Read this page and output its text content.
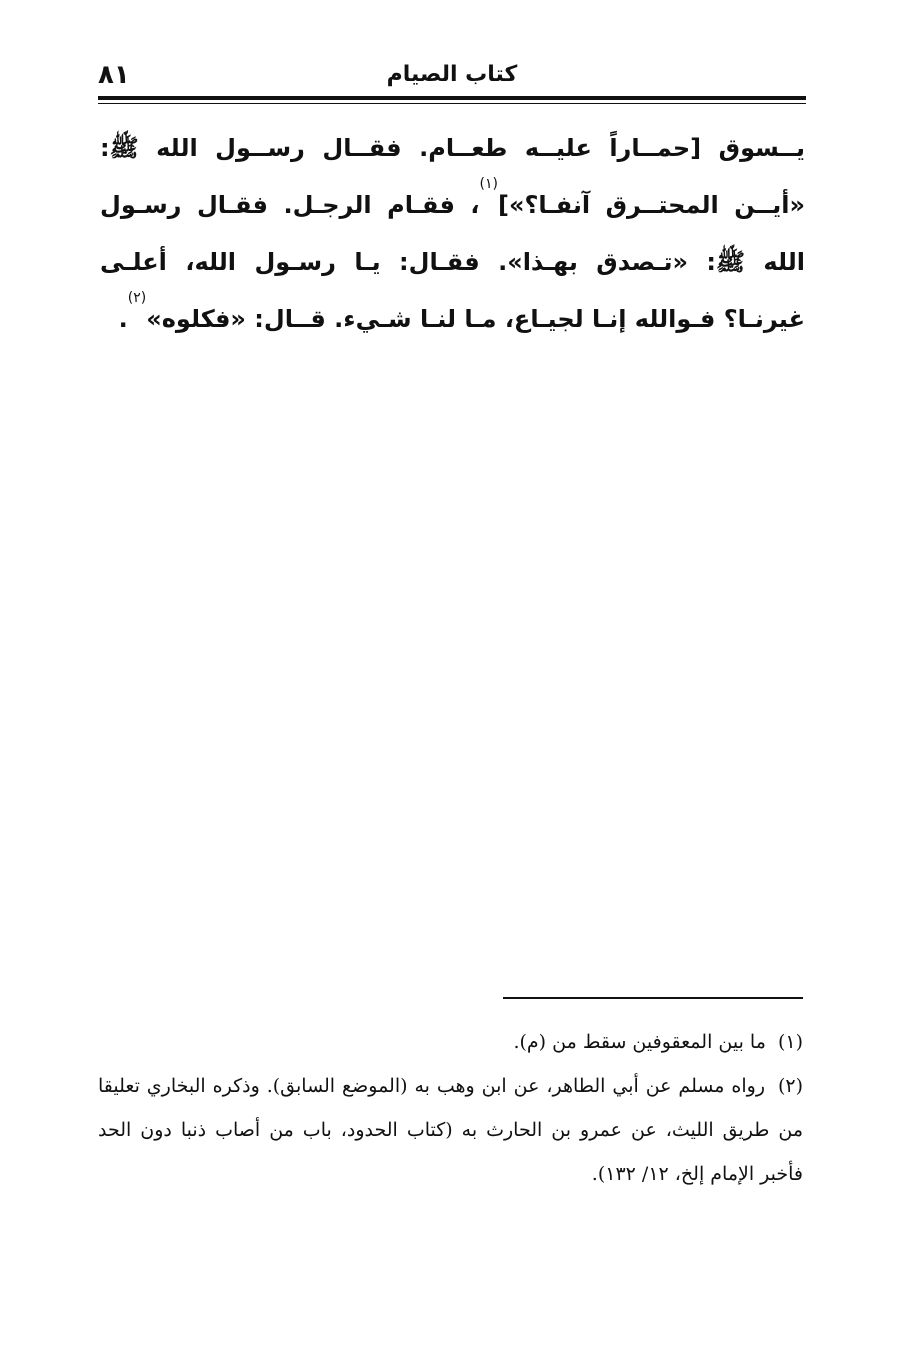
٨١	كتاب الصيام
يــسوق [حمــاراً عليــه طعــام. فقــال رســول الله ﷺ: «أيــن المحتــرق آنفـا؟»]$^{(١)}$، فقـام الرجـل. فقـال رسـول الله ﷺ: «تـصدق بهـذا». فقـال: يـا رسـول الله، أعلـى غيرنـا؟ فـوالله إنـا لجيـاع، مـا لنـا شـيء. قــال: «فكلوه»$^{(٢)}$.
(١) ما بين المعقوفين سقط من (م).
(٢) رواه مسلم عن أبي الطاهر، عن ابن وهب به (الموضع السابق). وذكره البخاري تعليقا من طريق الليث، عن عمرو بن الحارث به (كتاب الحدود، باب من أصاب ذنبا دون الحد فأخبر الإمام إلخ، ١٢/ ١٣٢).
